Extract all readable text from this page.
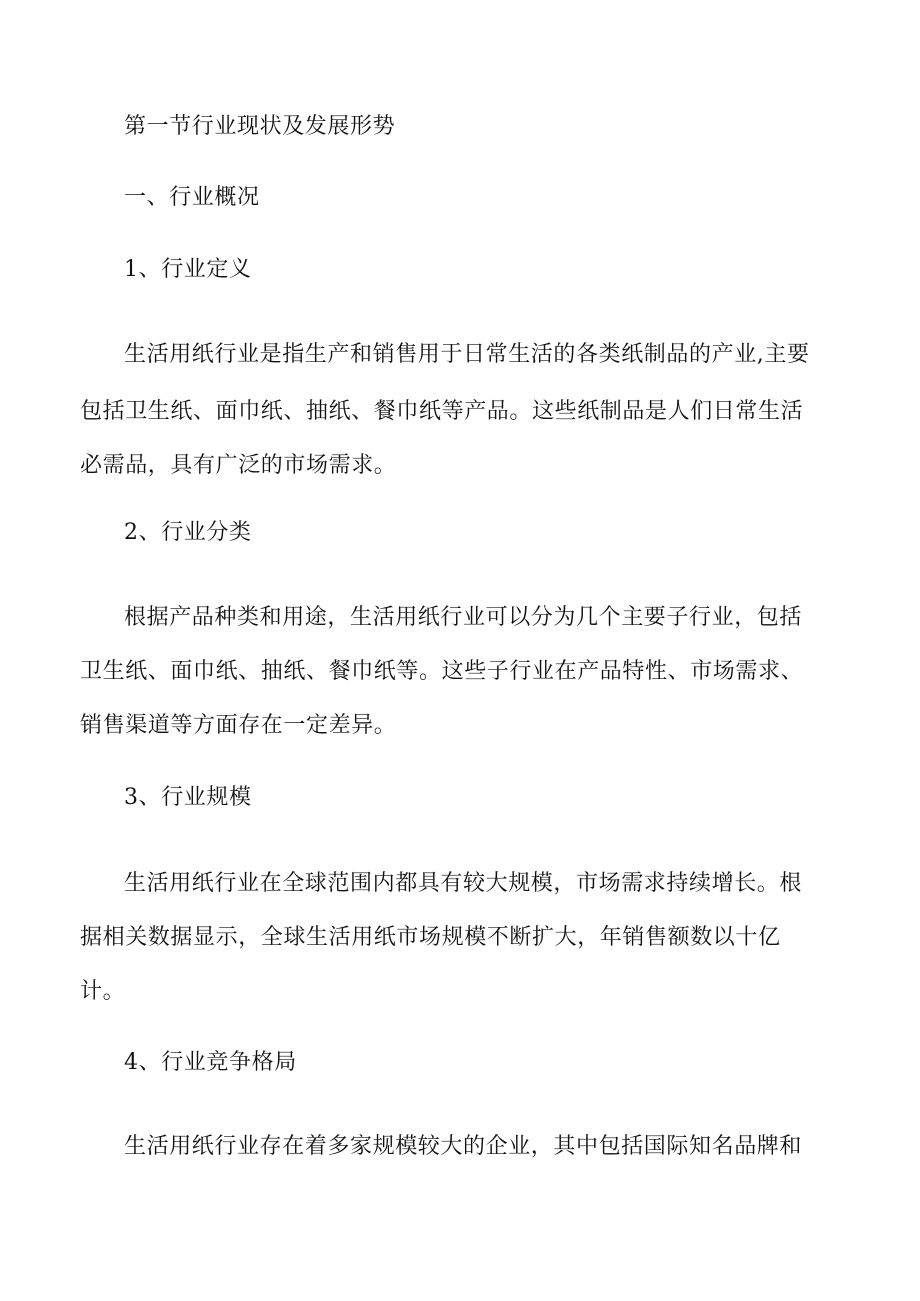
第一节行业现状及发展形势
一、行业概况
1、行业定义
生活用纸行业是指生产和销售用于日常生活的各类纸制品的产业,主要
包括卫生纸、面巾纸、抽纸、餐巾纸等产品。这些纸制品是人们日常生活
必需品，具有广泛的市场需求。
2、行业分类
根据产品种类和用途，生活用纸行业可以分为几个主要子行业，包括
卫生纸、面巾纸、抽纸、餐巾纸等。这些子行业在产品特性、市场需求、
销售渠道等方面存在一定差异。
3、行业规模
生活用纸行业在全球范围内都具有较大规模，市场需求持续增长。根
据相关数据显示，全球生活用纸市场规模不断扩大，年销售额数以十亿
计。
4、行业竞争格局
生活用纸行业存在着多家规模较大的企业，其中包括国际知名品牌和
